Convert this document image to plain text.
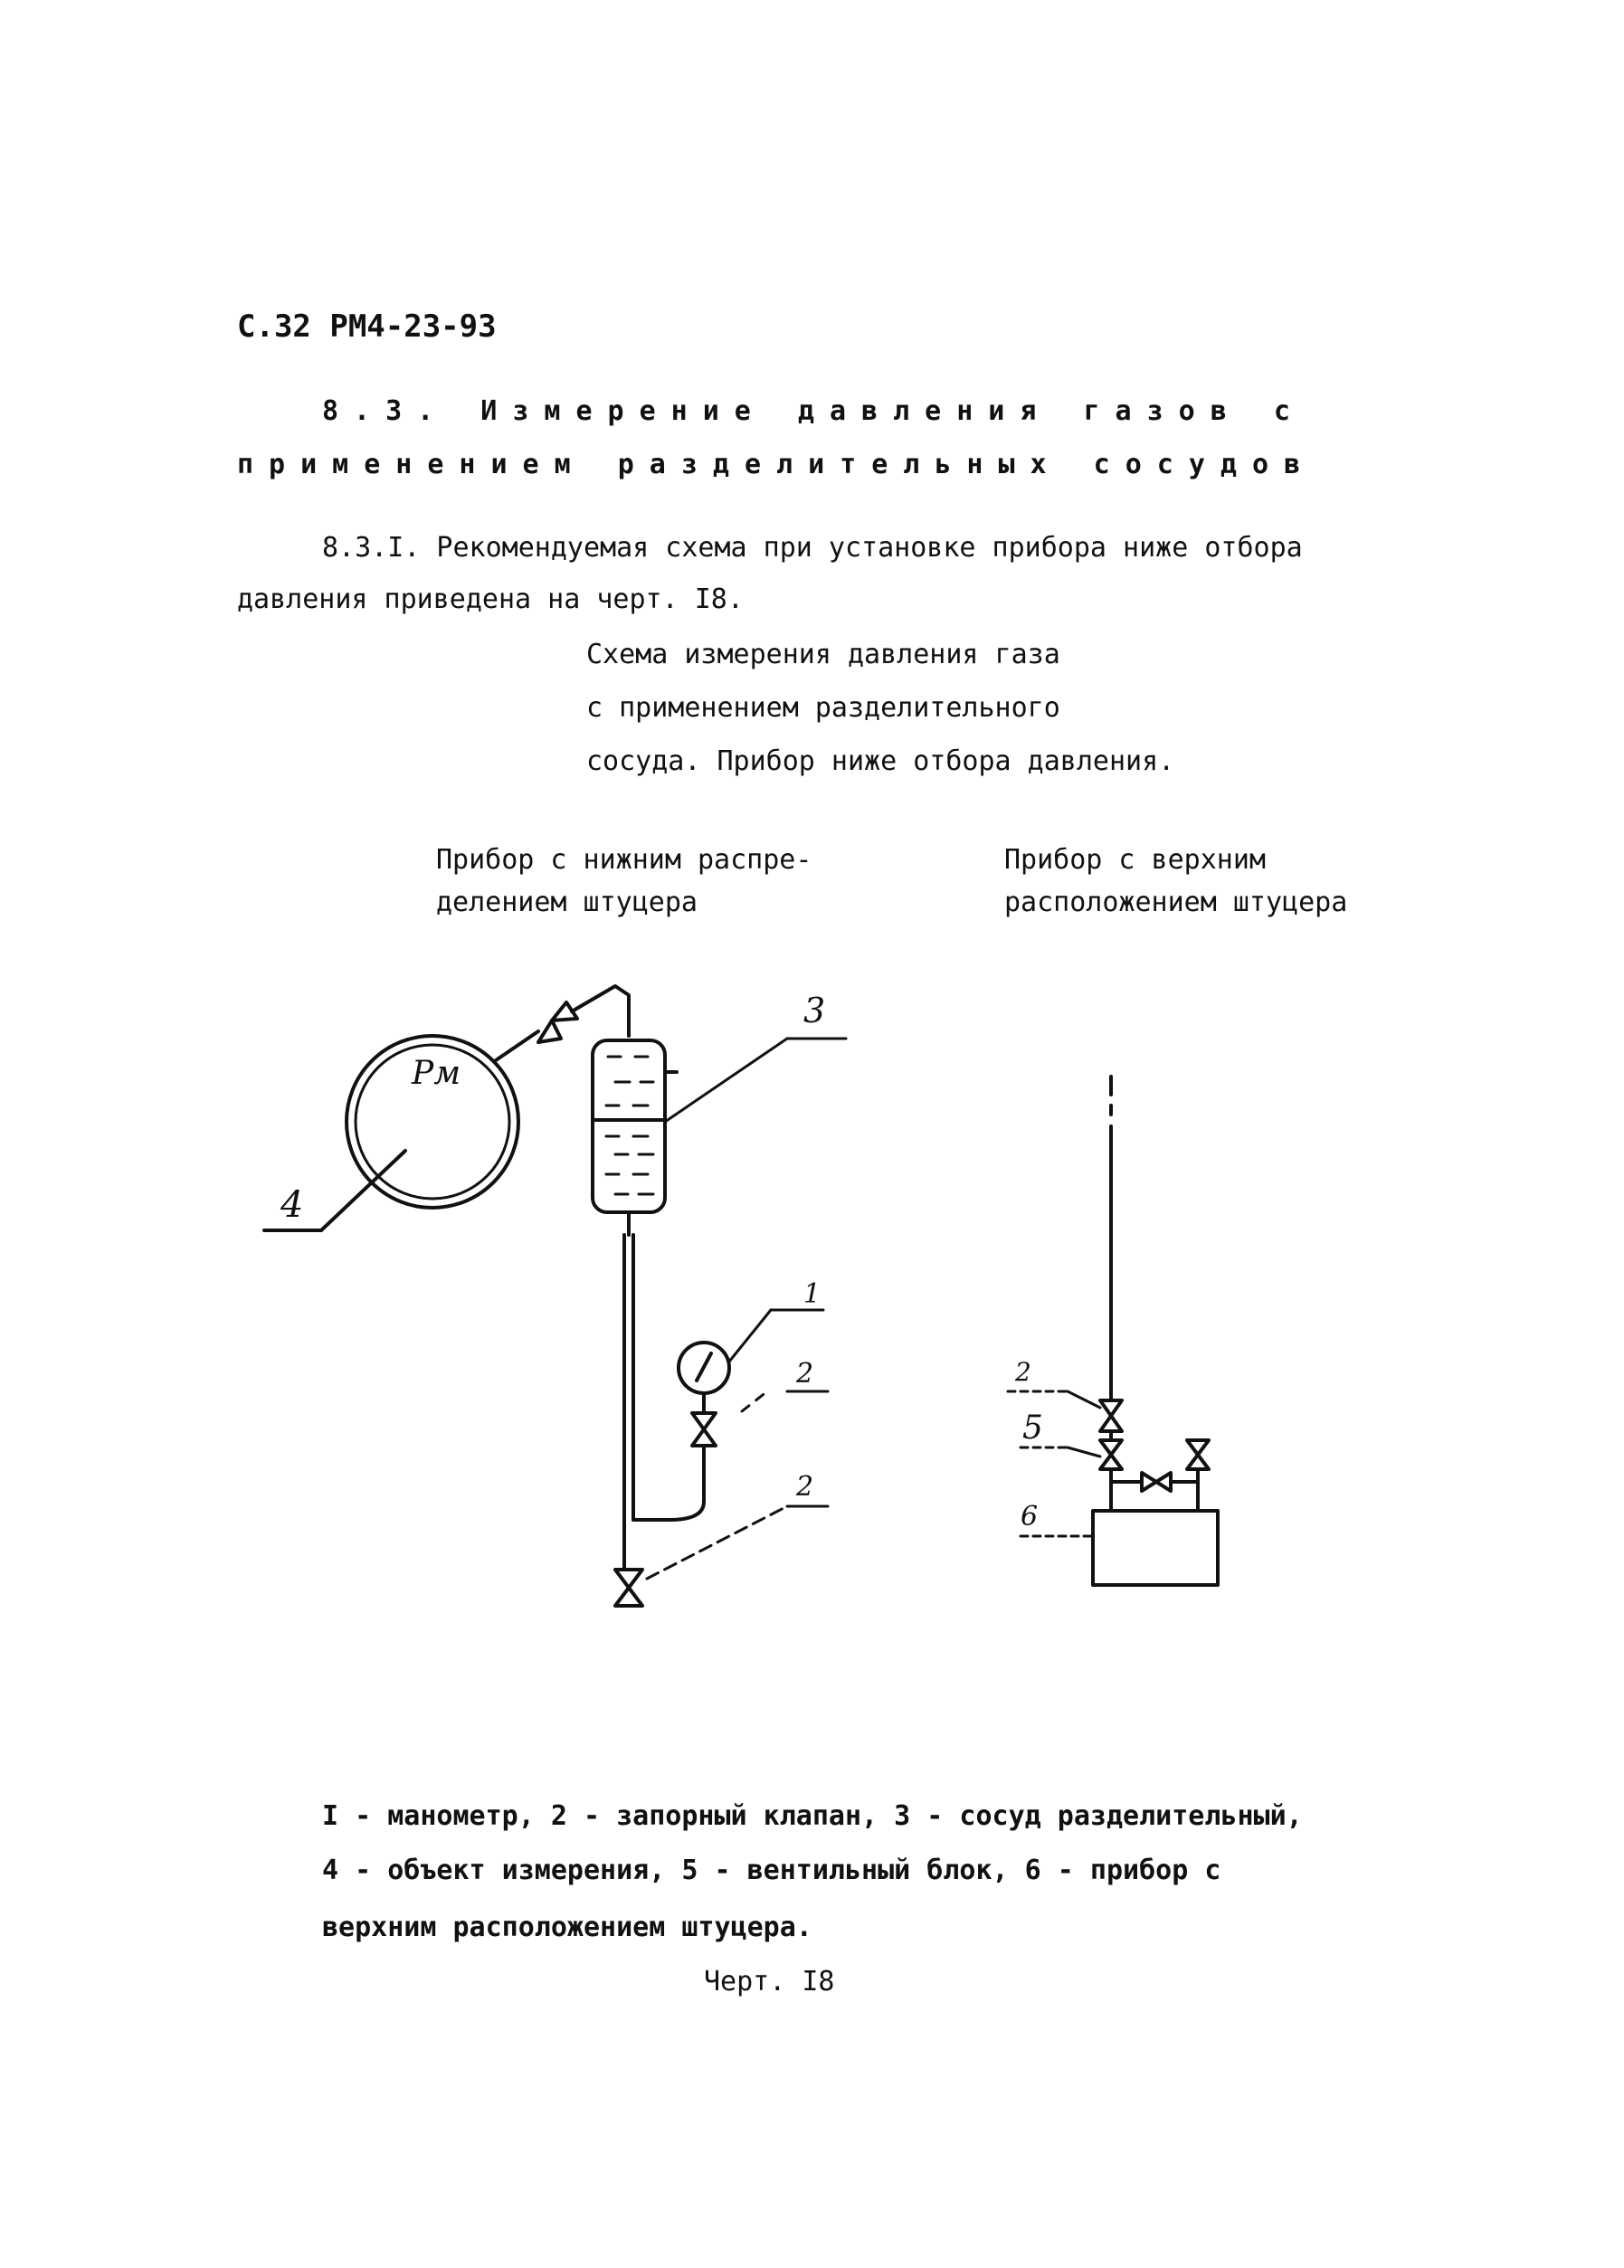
С.32 РМ4-23-93
8.3. Измерение давления газов с
применением разделительных сосудов
8.3.I. Рекомендуемая схема при установке прибора ниже отбора
давления приведена на черт. I8.
Схема измерения давления газа
с применением разделительного
сосуда. Прибор ниже отбора давления.
Прибор с нижним распре-
делением штуцера
Прибор с верхним
расположением штуцера
Pм
3
4
1
2
2
2
5
6
I - манометр, 2 - запорный клапан, 3 - сосуд разделительный,
4 - объект измерения, 5 - вентильный блок, 6 - прибор с
верхним расположением штуцера.
Черт. I8
